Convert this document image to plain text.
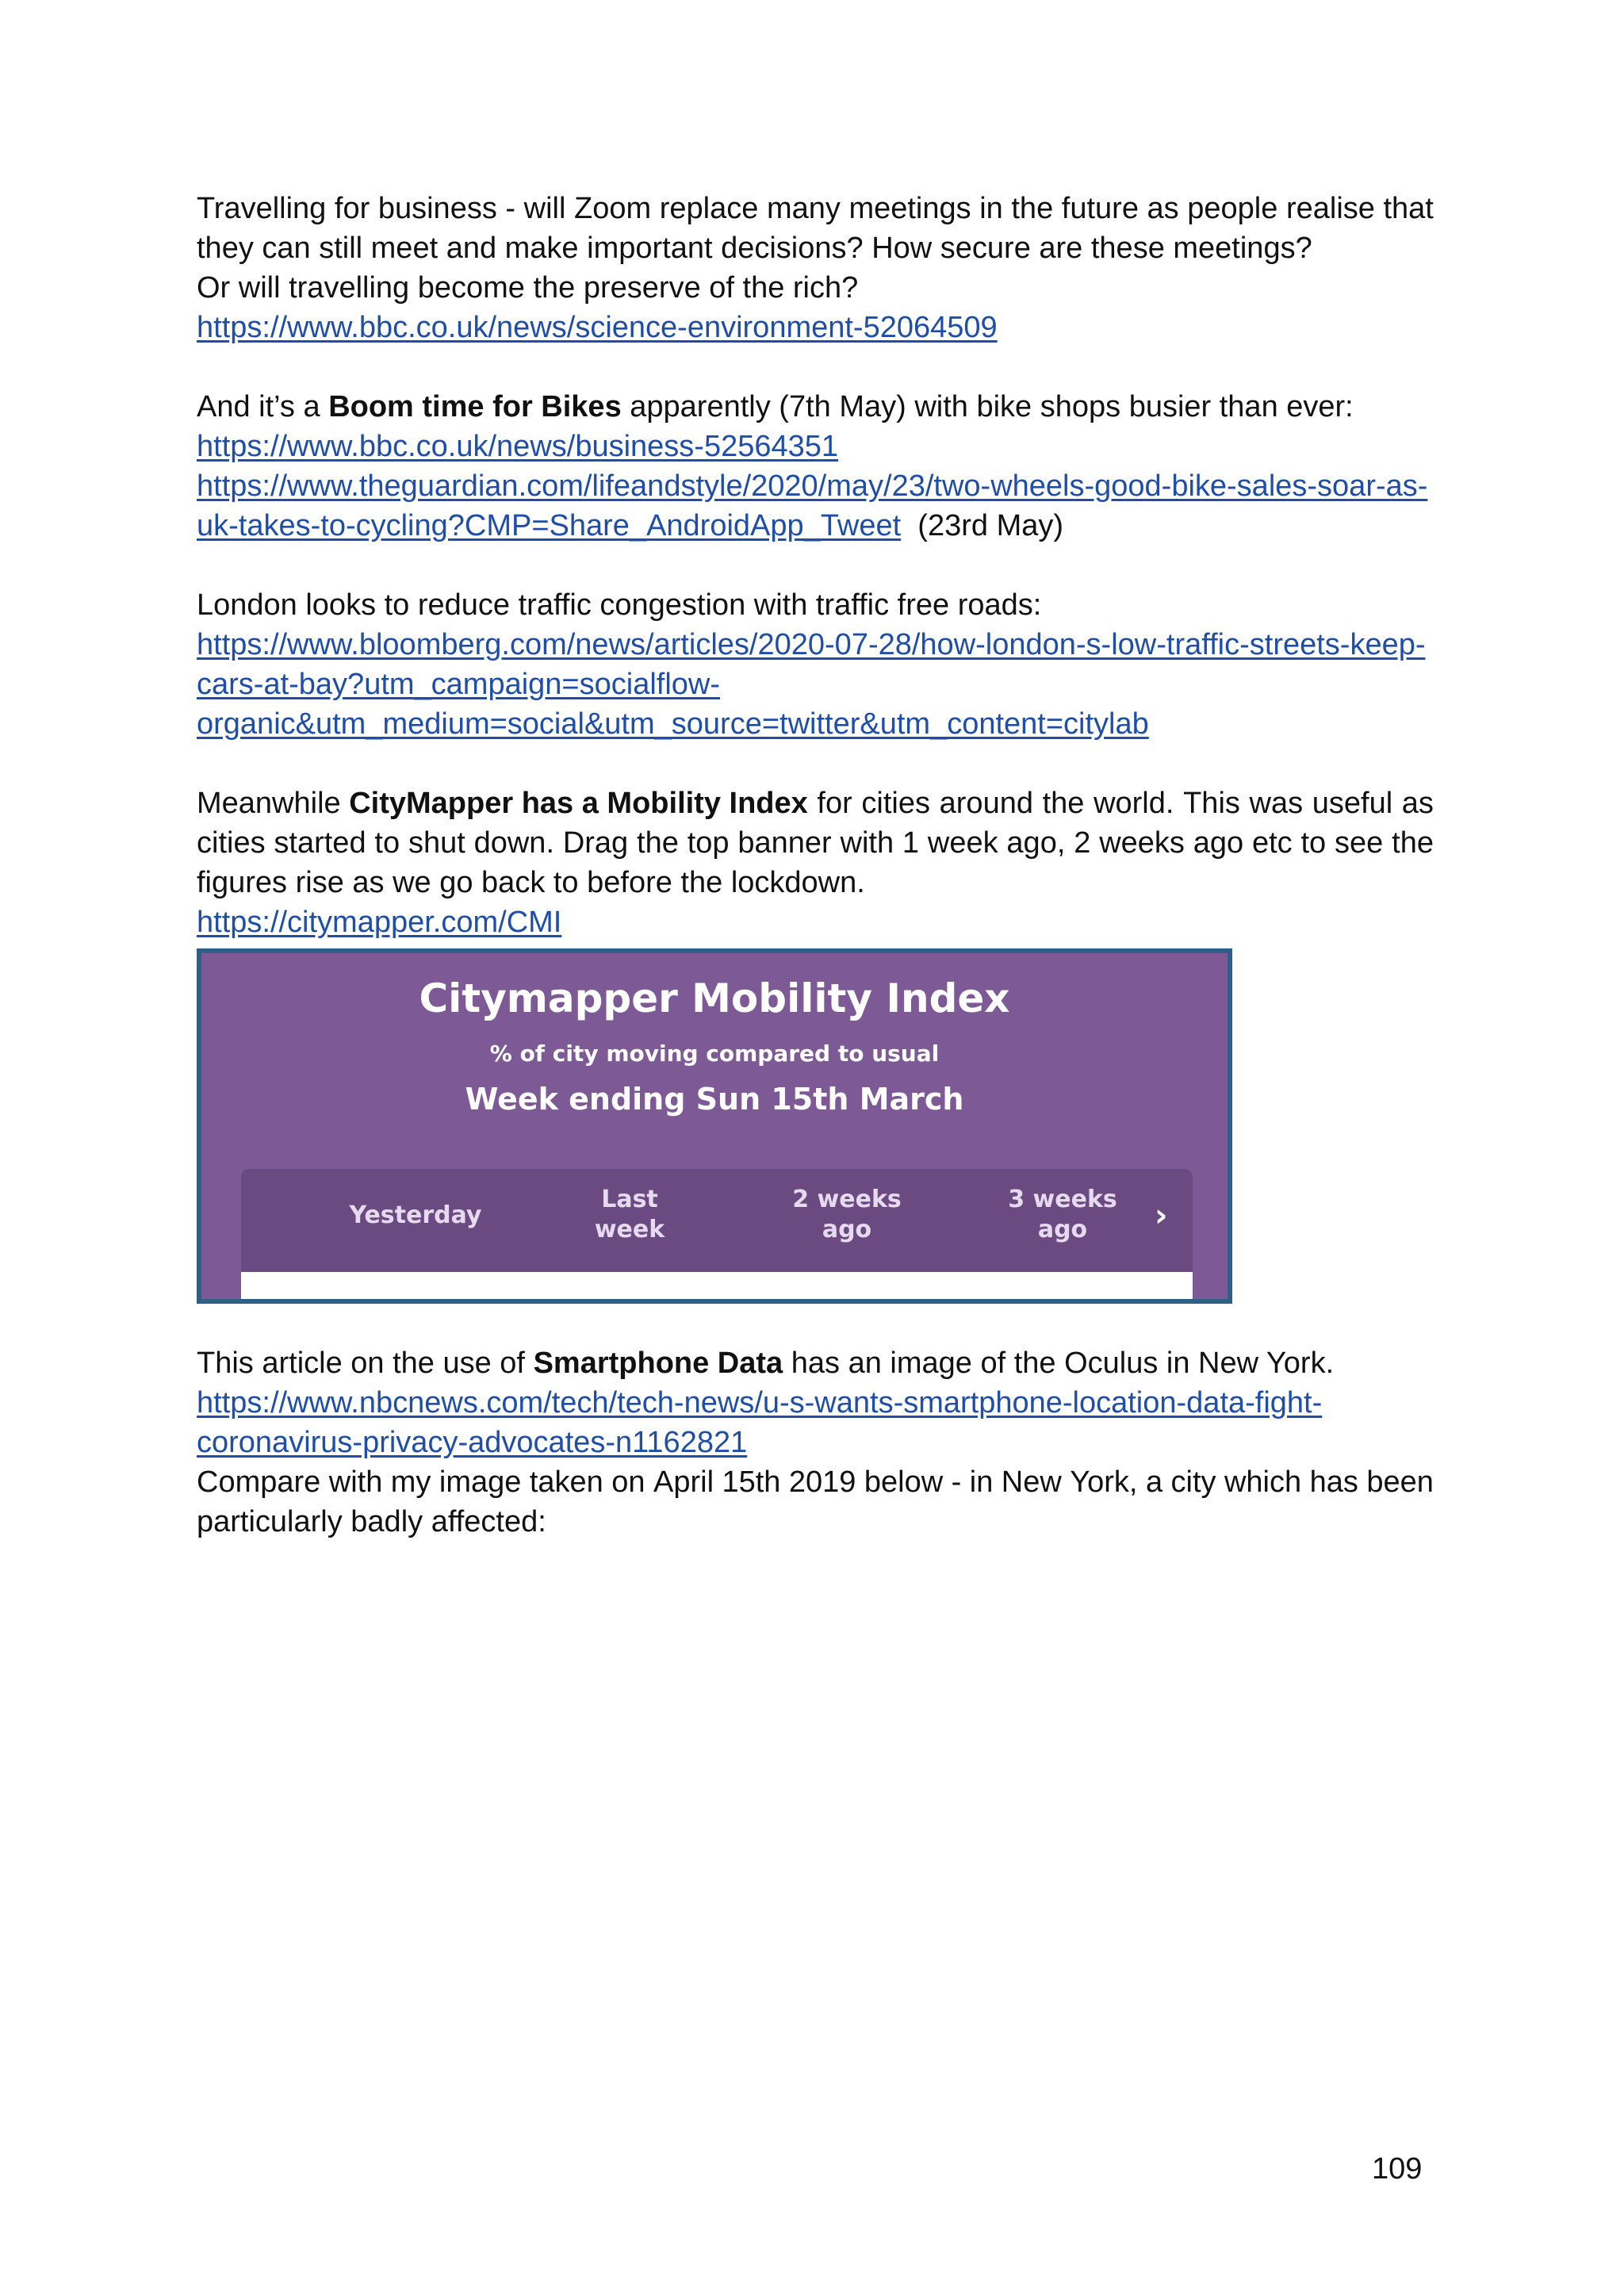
Travelling for business - will Zoom replace many meetings in the future as people realise that
they can still meet and make important decisions? How secure are these meetings?
Or will travelling become the preserve of the rich?
https://www.bbc.co.uk/news/science-environment-52064509
And it’s a Boom time for Bikes apparently (7th May) with bike shops busier than ever:
https://www.bbc.co.uk/news/business-52564351
https://www.theguardian.com/lifeandstyle/2020/may/23/two-wheels-good-bike-sales-soar-as-

uk-takes-to-cycling?CMP=Share_AndroidApp_Tweet  (23rd May)
London looks to reduce traffic congestion with traffic free roads:
https://www.bloomberg.com/news/articles/2020-07-28/how-london-s-low-traffic-streets-keep-
cars-at-bay?utm_campaign=socialflow-
organic&utm_medium=social&utm_source=twitter&utm_content=citylab
Meanwhile CityMapper has a Mobility Index for cities around the world. This was useful as
cities started to shut down. Drag the top banner with 1 week ago, 2 weeks ago etc to see the
figures rise as we go back to before the lockdown.
https://citymapper.com/CMI
Citymapper Mobility Index
% of city moving compared to usual
Week ending Sun 15th March
Yesterday
Last
week
2 weeks
ago
3 weeks
ago	›
This article on the use of Smartphone Data has an image of the Oculus in New York.
https://www.nbcnews.com/tech/tech-news/u-s-wants-smartphone-location-data-fight-
coronavirus-privacy-advocates-n1162821

Compare with my image taken on April 15th 2019 below - in New York, a city which has been
particularly badly affected:
109
